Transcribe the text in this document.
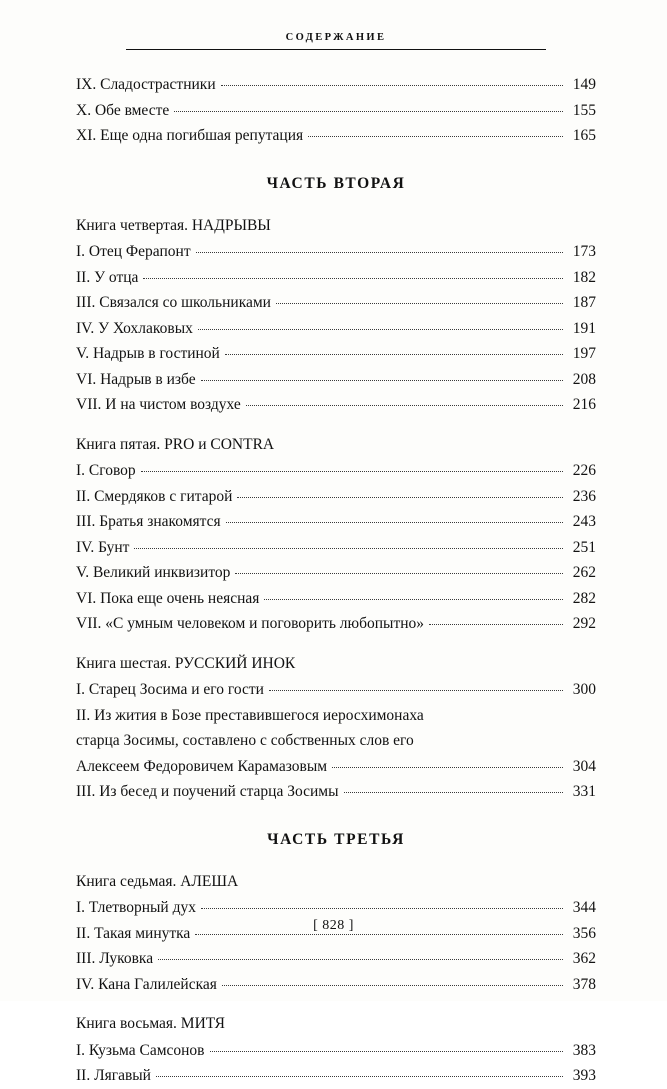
СОДЕРЖАНИЕ
IX. Сладострастники	149
X. Обе вместе	155
XI. Еще одна погибшая репутация	165
ЧАСТЬ ВТОРАЯ
Книга четвертая. НАДРЫВЫ
I. Отец Ферапонт	173
II. У отца	182
III. Связался со школьниками	187
IV. У Хохлаковых	191
V. Надрыв в гостиной	197
VI. Надрыв в избе	208
VII. И на чистом воздухе	216
Книга пятая. PRO и CONTRA
I. Сговор	226
II. Смердяков с гитарой	236
III. Братья знакомятся	243
IV. Бунт	251
V. Великий инквизитор	262
VI. Пока еще очень неясная	282
VII. «С умным человеком и поговорить любопытно»	292
Книга шестая. РУССКИЙ ИНОК
I. Старец Зосима и его гости	300
II. Из жития в Бозе преставившегося иеросхимонаха
старца Зосимы, составлено с собственных слов его
Алексеем Федоровичем Карамазовым	304
III. Из бесед и поучений старца Зосимы	331
ЧАСТЬ ТРЕТЬЯ
Книга седьмая. АЛЕША
I. Тлетворный дух	344
II. Такая минутка	356
III. Луковка	362
IV. Кана Галилейская	378
Книга восьмая. МИТЯ
I. Кузьма Самсонов	383
II. Лягавый	393
[ 828 ]
